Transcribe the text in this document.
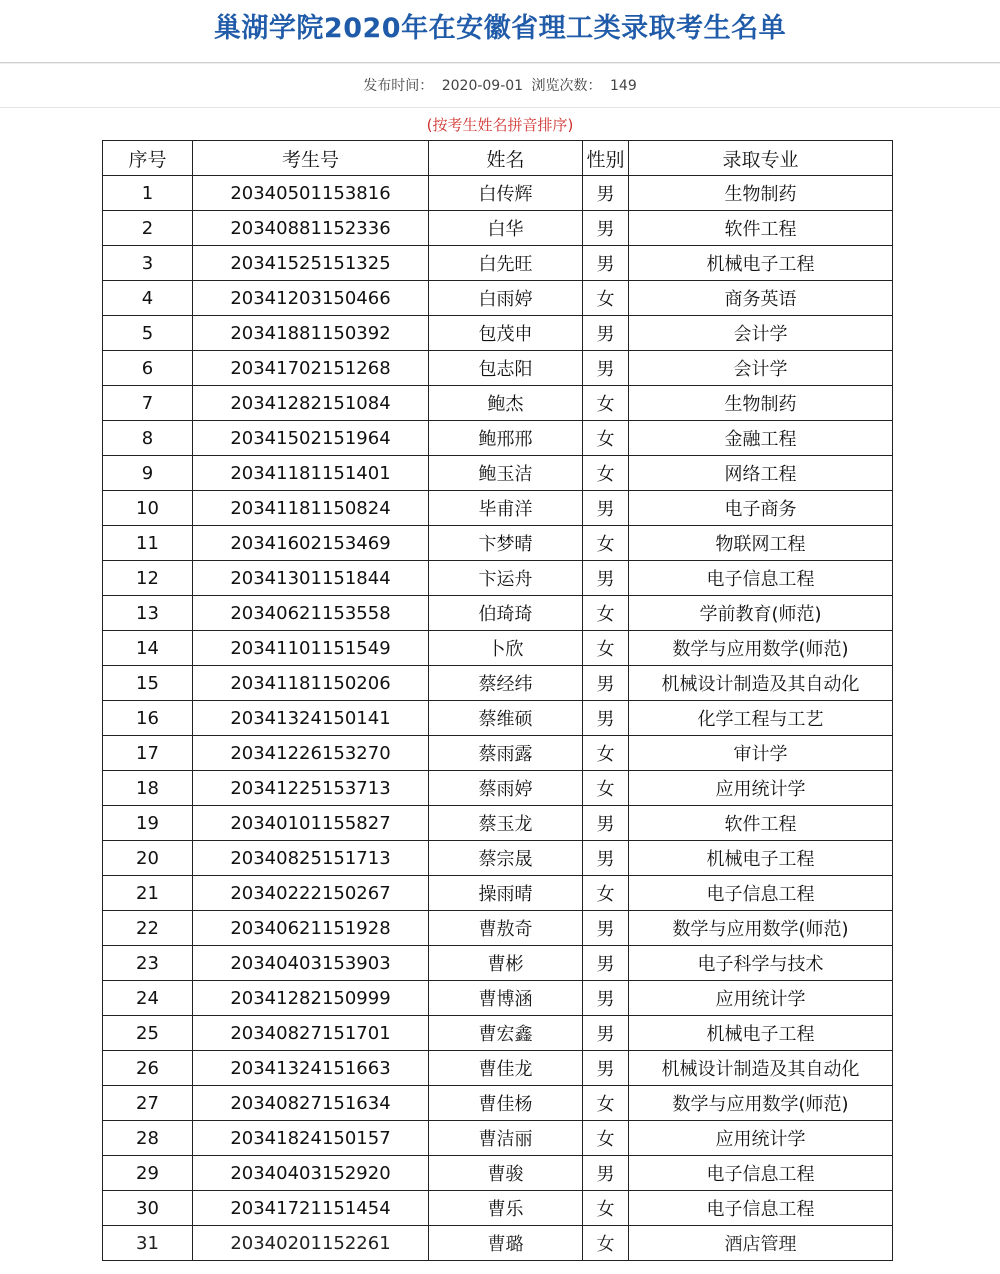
巢湖学院2020年在安徽省理工类录取考生名单
发布时间： 2020-09-01 浏览次数： 149
(按考生姓名拼音排序)
序号	考生号	姓名	性别	录取专业
1	20340501153816	白传辉	男	生物制药
2	20340881152336	白华	男	软件工程
3	20341525151325	白先旺	男	机械电子工程
4	20341203150466	白雨婷	女	商务英语
5	20341881150392	包茂申	男	会计学
6	20341702151268	包志阳	男	会计学
7	20341282151084	鲍杰	女	生物制药
8	20341502151964	鲍邢邢	女	金融工程
9	20341181151401	鲍玉洁	女	网络工程
10	20341181150824	毕甫洋	男	电子商务
11	20341602153469	卞梦晴	女	物联网工程
12	20341301151844	卞运舟	男	电子信息工程
13	20340621153558	伯琦琦	女	学前教育(师范)
14	20341101151549	卜欣	女	数学与应用数学(师范)
15	20341181150206	蔡经纬	男	机械设计制造及其自动化
16	20341324150141	蔡维硕	男	化学工程与工艺
17	20341226153270	蔡雨露	女	审计学
18	20341225153713	蔡雨婷	女	应用统计学
19	20340101155827	蔡玉龙	男	软件工程
20	20340825151713	蔡宗晟	男	机械电子工程
21	20340222150267	操雨晴	女	电子信息工程
22	20340621151928	曹敖奇	男	数学与应用数学(师范)
23	20340403153903	曹彬	男	电子科学与技术
24	20341282150999	曹博涵	男	应用统计学
25	20340827151701	曹宏鑫	男	机械电子工程
26	20341324151663	曹佳龙	男	机械设计制造及其自动化
27	20340827151634	曹佳杨	女	数学与应用数学(师范)
28	20341824150157	曹洁丽	女	应用统计学
29	20340403152920	曹骏	男	电子信息工程
30	20341721151454	曹乐	女	电子信息工程
31	20340201152261	曹璐	女	酒店管理
